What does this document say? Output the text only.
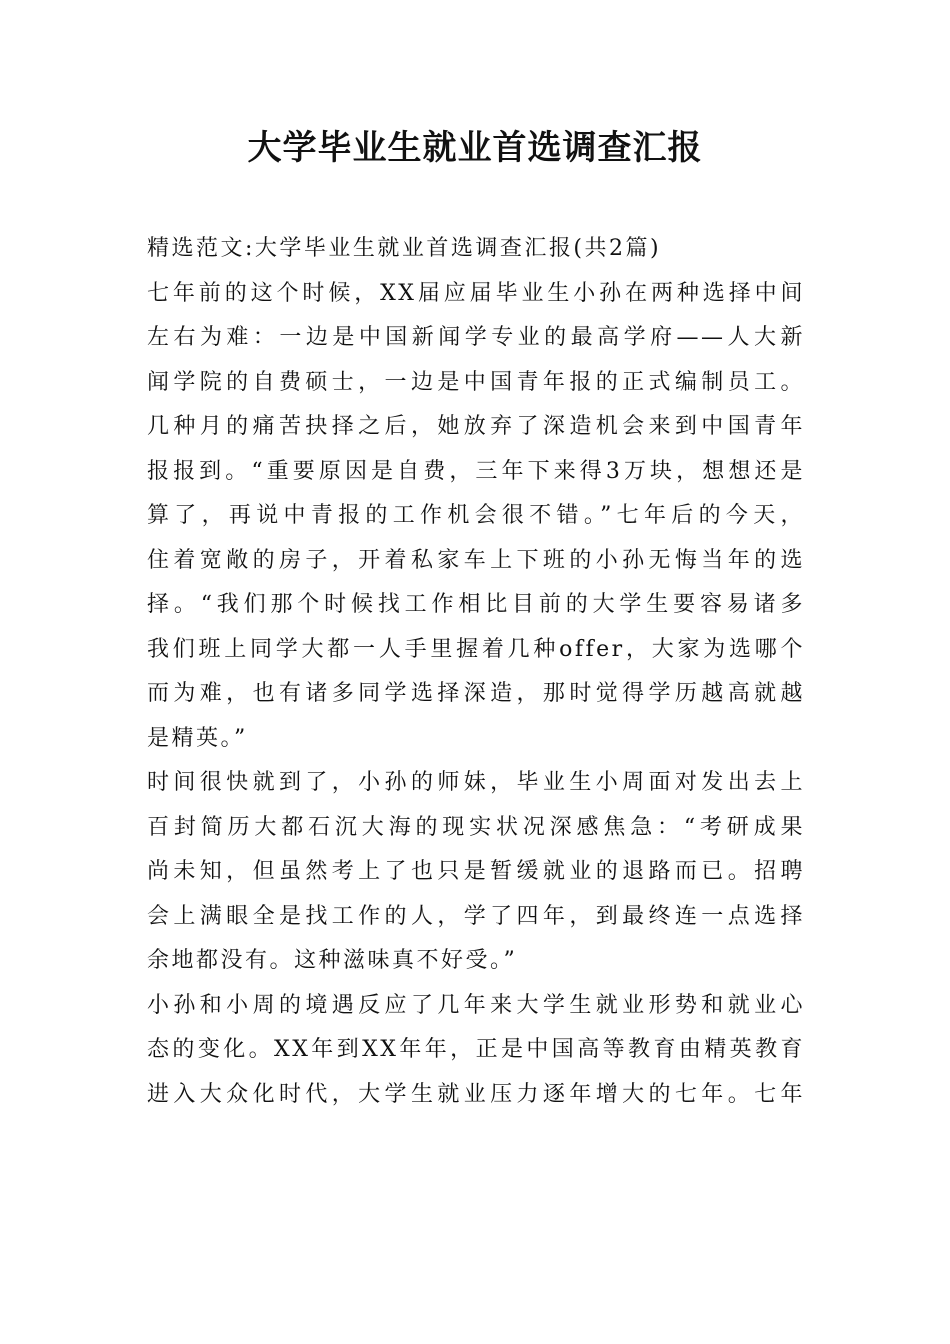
大学毕业生就业首选调查汇报
精选范文:大学毕业生就业首选调查汇报(共2篇)
七年前的这个时候，XX届应届毕业生小孙在两种选择中间
左右为难：一边是中国新闻学专业的最高学府——人大新
闻学院的自费硕士，一边是中国青年报的正式编制员工。
几种月的痛苦抉择之后，她放弃了深造机会来到中国青年
报报到。“重要原因是自费，三年下来得3万块，想想还是
算了，再说中青报的工作机会很不错。”七年后的今天，
住着宽敞的房子，开着私家车上下班的小孙无悔当年的选
择。“我们那个时候找工作相比目前的大学生要容易诸多
我们班上同学大都一人手里握着几种offer，大家为选哪个
而为难，也有诸多同学选择深造，那时觉得学历越高就越
是精英。”
时间很快就到了，小孙的师妹，毕业生小周面对发出去上
百封简历大都石沉大海的现实状况深感焦急：“考研成果
尚未知，但虽然考上了也只是暂缓就业的退路而已。招聘
会上满眼全是找工作的人，学了四年，到最终连一点选择
余地都没有。这种滋味真不好受。”
小孙和小周的境遇反应了几年来大学生就业形势和就业心
态的变化。XX年到XX年年，正是中国高等教育由精英教育
进入大众化时代，大学生就业压力逐年增大的七年。七年
